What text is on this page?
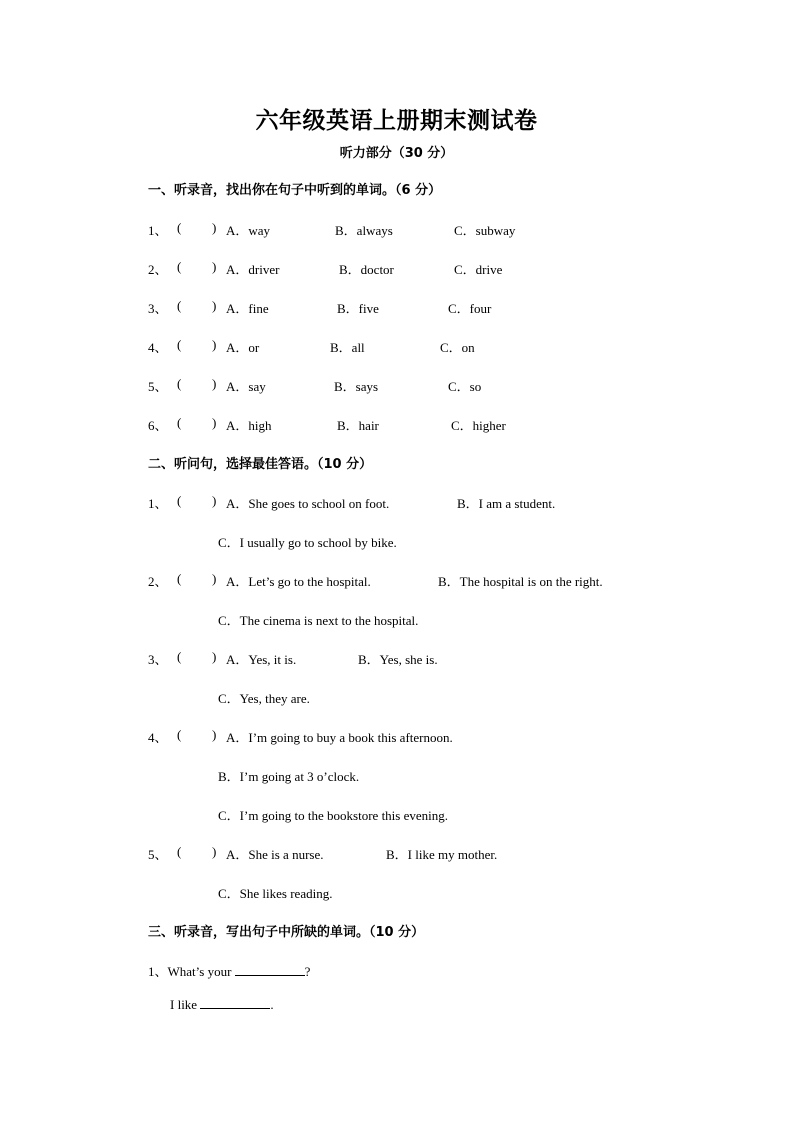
六年级英语上册期末测试卷
听力部分（30 分）
一、听录音，找出你在句子中听到的单词。（6 分）
1、 ( ) A．way	B．always	C．subway
2、 ( ) A．driver	B．doctor	C．drive
3、 ( ) A．fine	B．five	C．four
4、 ( ) A．or	B．all	C．on
5、 ( ) A．say	B．says	C．so
6、 ( ) A．high	B．hair	C．higher
二、听问句，选择最佳答语。（10 分）
1、 ( ) A．She goes to school on foot.	B．I am a student.
C．I usually go to school by bike.
2、 ( ) A．Let’s go to the hospital.	B．The hospital is on the right.
C．The cinema is next to the hospital.
3、 ( ) A．Yes, it is.	B．Yes, she is.
C．Yes, they are.
4、 ( ) A．I’m going to buy a book this afternoon.
B．I’m going at 3 o’clock.
C．I’m going to the bookstore this evening.
5、 ( ) A．She is a nurse.	B．I like my mother.
C．She likes reading.
三、听录音，写出句子中所缺的单词。（10 分）
1、What’s your	?
I like	.
